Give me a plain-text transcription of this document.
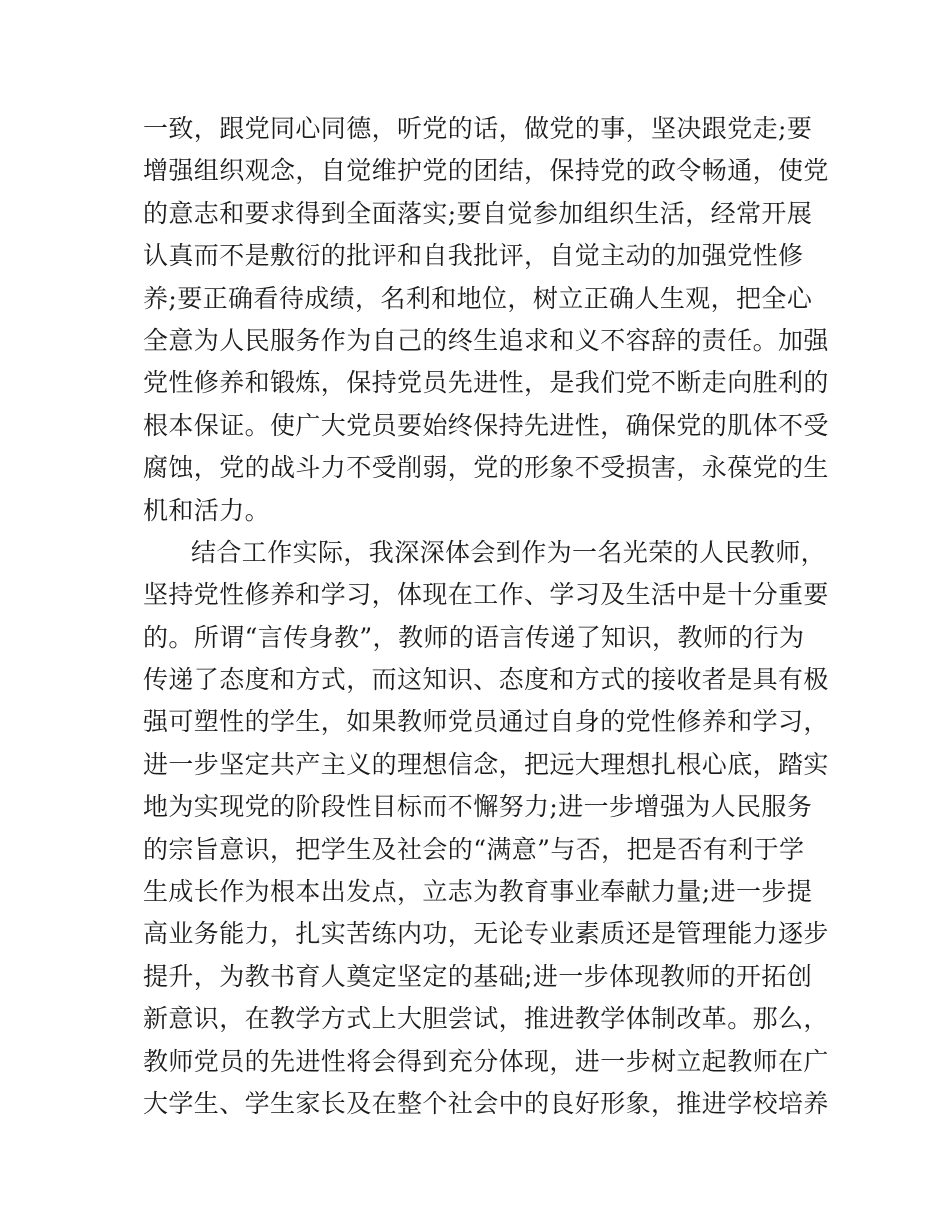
一致，跟党同心同德，听党的话，做党的事，坚决跟党走;要
增强组织观念，自觉维护党的团结，保持党的政令畅通，使党
的意志和要求得到全面落实;要自觉参加组织生活，经常开展
认真而不是敷衍的批评和自我批评，自觉主动的加强党性修
养;要正确看待成绩，名利和地位，树立正确人生观，把全心
全意为人民服务作为自己的终生追求和义不容辞的责任。加强
党性修养和锻炼，保持党员先进性，是我们党不断走向胜利的
根本保证。使广大党员要始终保持先进性，确保党的肌体不受
腐蚀，党的战斗力不受削弱，党的形象不受损害，永葆党的生
机和活力。
结合工作实际，我深深体会到作为一名光荣的人民教师，
坚持党性修养和学习，体现在工作、学习及生活中是十分重要
的。所谓“言传身教”，教师的语言传递了知识，教师的行为
传递了态度和方式，而这知识、态度和方式的接收者是具有极
强可塑性的学生，如果教师党员通过自身的党性修养和学习，
进一步坚定共产主义的理想信念，把远大理想扎根心底，踏实
地为实现党的阶段性目标而不懈努力;进一步增强为人民服务
的宗旨意识，把学生及社会的“满意”与否，把是否有利于学
生成长作为根本出发点，立志为教育事业奉献力量;进一步提
高业务能力，扎实苦练内功，无论专业素质还是管理能力逐步
提升，为教书育人奠定坚定的基础;进一步体现教师的开拓创
新意识，在教学方式上大胆尝试，推进教学体制改革。那么，
教师党员的先进性将会得到充分体现，进一步树立起教师在广
大学生、学生家长及在整个社会中的良好形象，推进学校培养
